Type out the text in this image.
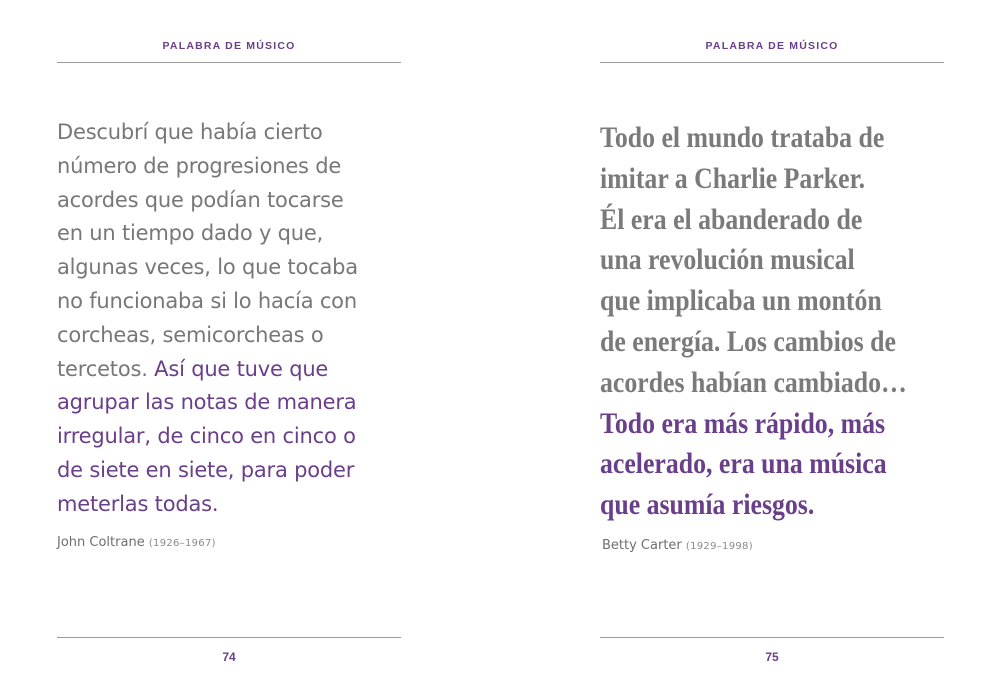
PALABRA DE MÚSICO

Descubrí que había cierto
número de progresiones de
acordes que podían tocarse
en un tiempo dado y que,
algunas veces, lo que tocaba
no funcionaba si lo hacía con
corcheas, semicorcheas o
tercetos. Así que tuve que
agrupar las notas de manera
irregular, de cinco en cinco o
de siete en siete, para poder
meterlas todas.

John Coltrane (1926–1967)
74
PALABRA DE MÚSICO

Todo el mundo trataba de
imitar a Charlie Parker.
Él era el abanderado de
una revolución musical
que implicaba un montón
de energía. Los cambios de
acordes habían cambiado…
Todo era más rápido, más
acelerado, era una música
que asumía riesgos.

Betty Carter (1929–1998)
75
